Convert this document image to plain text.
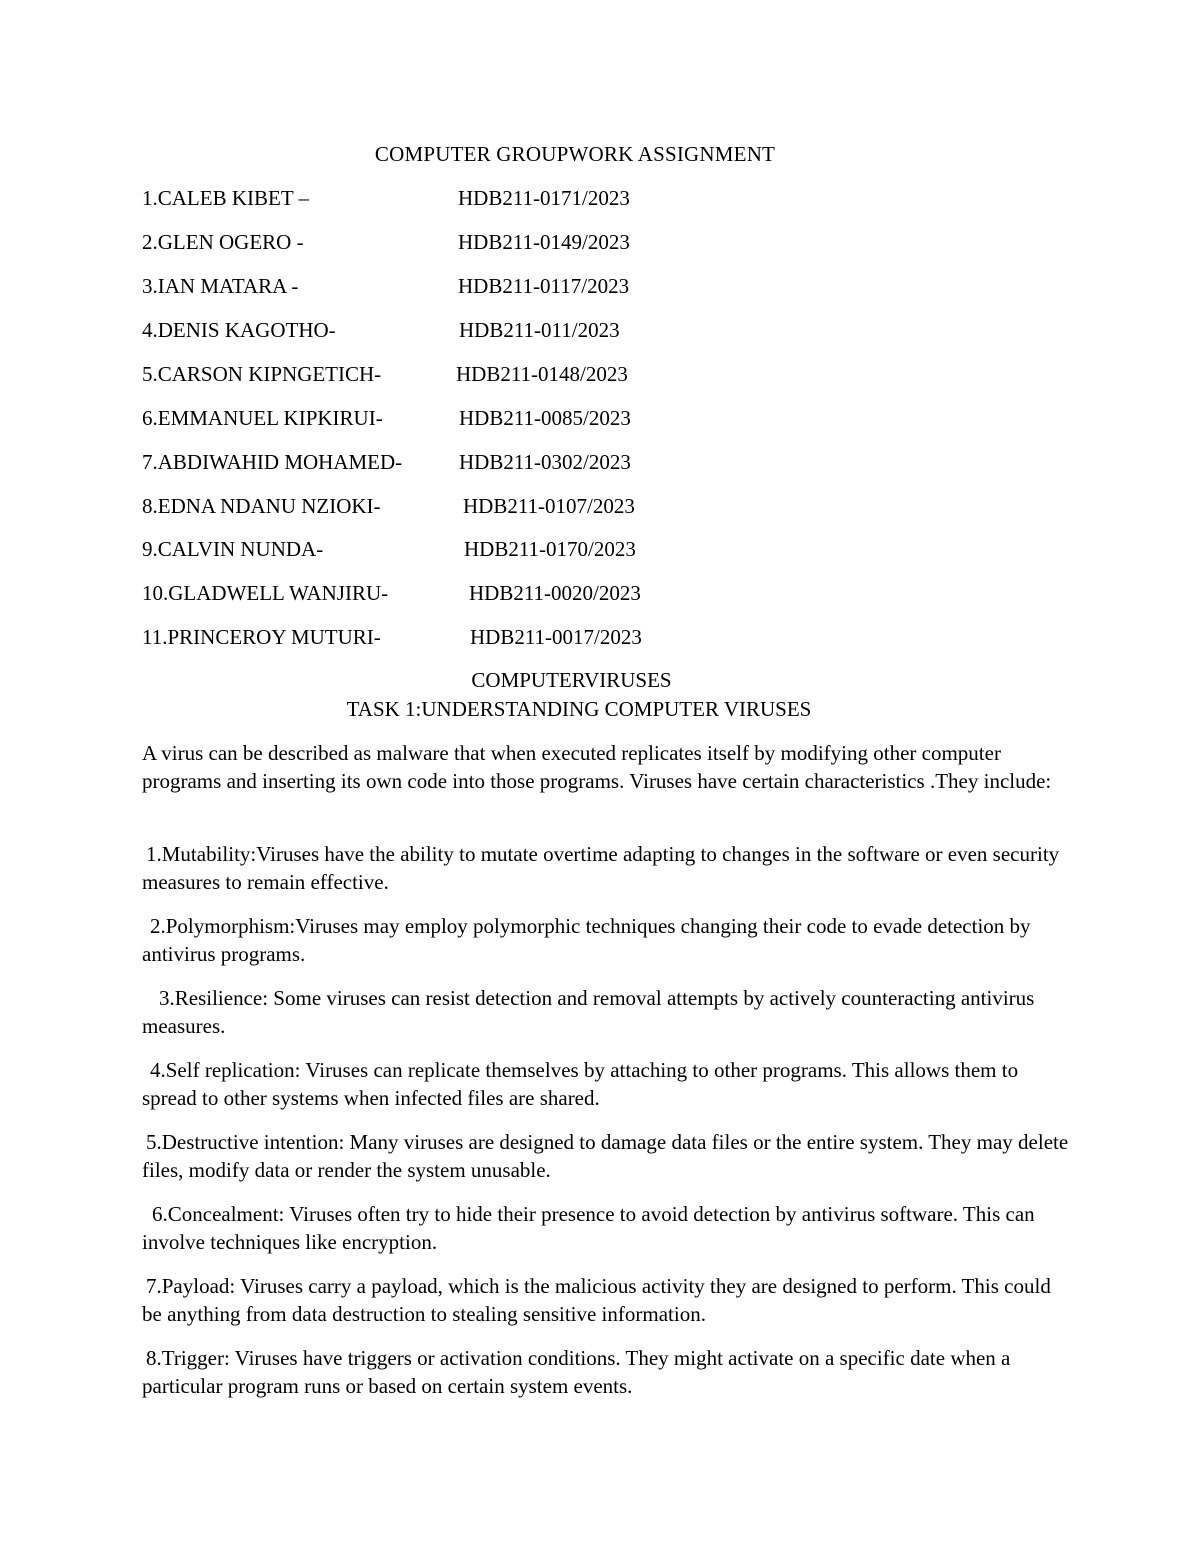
COMPUTER GROUPWORK ASSIGNMENT
1.CALEB KIBET –	HDB211-0171/2023
2.GLEN OGERO -	HDB211-0149/2023
3.IAN MATARA -	HDB211-0117/2023
4.DENIS KAGOTHO-	HDB211-011/2023
5.CARSON KIPNGETICH-	HDB211-0148/2023
6.EMMANUEL KIPKIRUI-	HDB211-0085/2023
7.ABDIWAHID MOHAMED-	HDB211-0302/2023
8.EDNA NDANU NZIOKI-	HDB211-0107/2023
9.CALVIN NUNDA-	HDB211-0170/2023
10.GLADWELL WANJIRU-	HDB211-0020/2023
11.PRINCEROY MUTURI-	HDB211-0017/2023
COMPUTERVIRUSES
TASK 1:UNDERSTANDING COMPUTER VIRUSES
A virus can be described as malware that when executed replicates itself by modifying other computer programs and inserting its own code into those programs. Viruses have certain characteristics .They include:
1.Mutability:Viruses have the ability to mutate overtime adapting to changes in the software or even security measures to remain effective.
2.Polymorphism:Viruses may employ polymorphic techniques changing their code to evade detection by antivirus programs.
3.Resilience: Some viruses can resist detection and removal attempts by actively counteracting antivirus measures.
4.Self replication: Viruses can replicate themselves by attaching to other programs. This allows them to spread to other systems when infected files are shared.
5.Destructive intention: Many viruses are designed to damage data files or the entire system. They may delete files, modify data or render the system unusable.
6.Concealment: Viruses often try to hide their presence to avoid detection by antivirus software. This can involve techniques like encryption.
7.Payload: Viruses carry a payload, which is the malicious activity they are designed to perform. This could be anything from data destruction to stealing sensitive information.
8.Trigger: Viruses have triggers or activation conditions. They might activate on a specific date when a particular program runs or based on certain system events.
